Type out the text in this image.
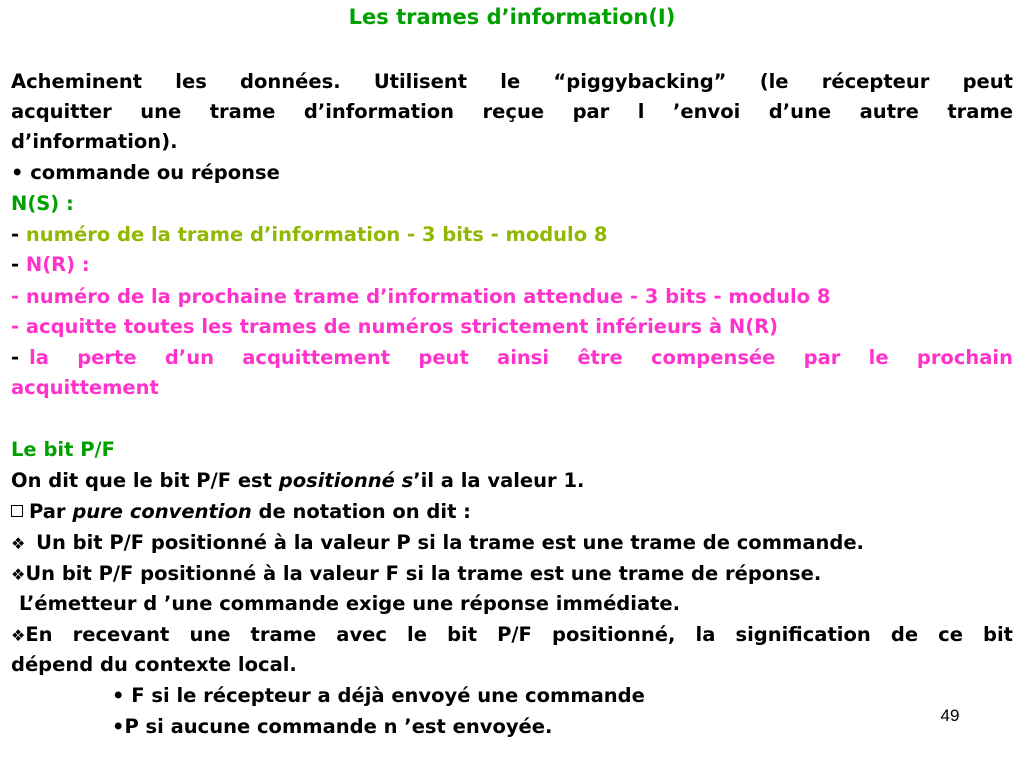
Les trames d’information(I)
Acheminent les données. Utilisent le “piggybacking” (le récepteur peut
acquitter une trame d’information reçue par l ’envoi d’une autre trame
d’information).
• commande ou réponse
N(S) :
- numéro de la trame d’information - 3 bits - modulo 8
- N(R) :
- numéro de la prochaine trame d’information attendue - 3 bits - modulo 8
- acquitte toutes les trames de numéros strictement inférieurs à N(R)
- la perte d’un acquittement peut ainsi être compensée par le prochain
acquittement
Le bit P/F
On dit que le bit P/F est positionné s’il a la valeur 1.
Par pure convention de notation on dit :
❖ Un bit P/F positionné à la valeur P si la trame est une trame de commande.
❖Un bit P/F positionné à la valeur F si la trame est une trame de réponse.
L’émetteur d ’une commande exige une réponse immédiate.
❖En recevant une trame avec le bit P/F positionné, la signification de ce bit
dépend du contexte local.
• F si le récepteur a déjà envoyé une commande
•P si aucune commande n ’est envoyée.	49
